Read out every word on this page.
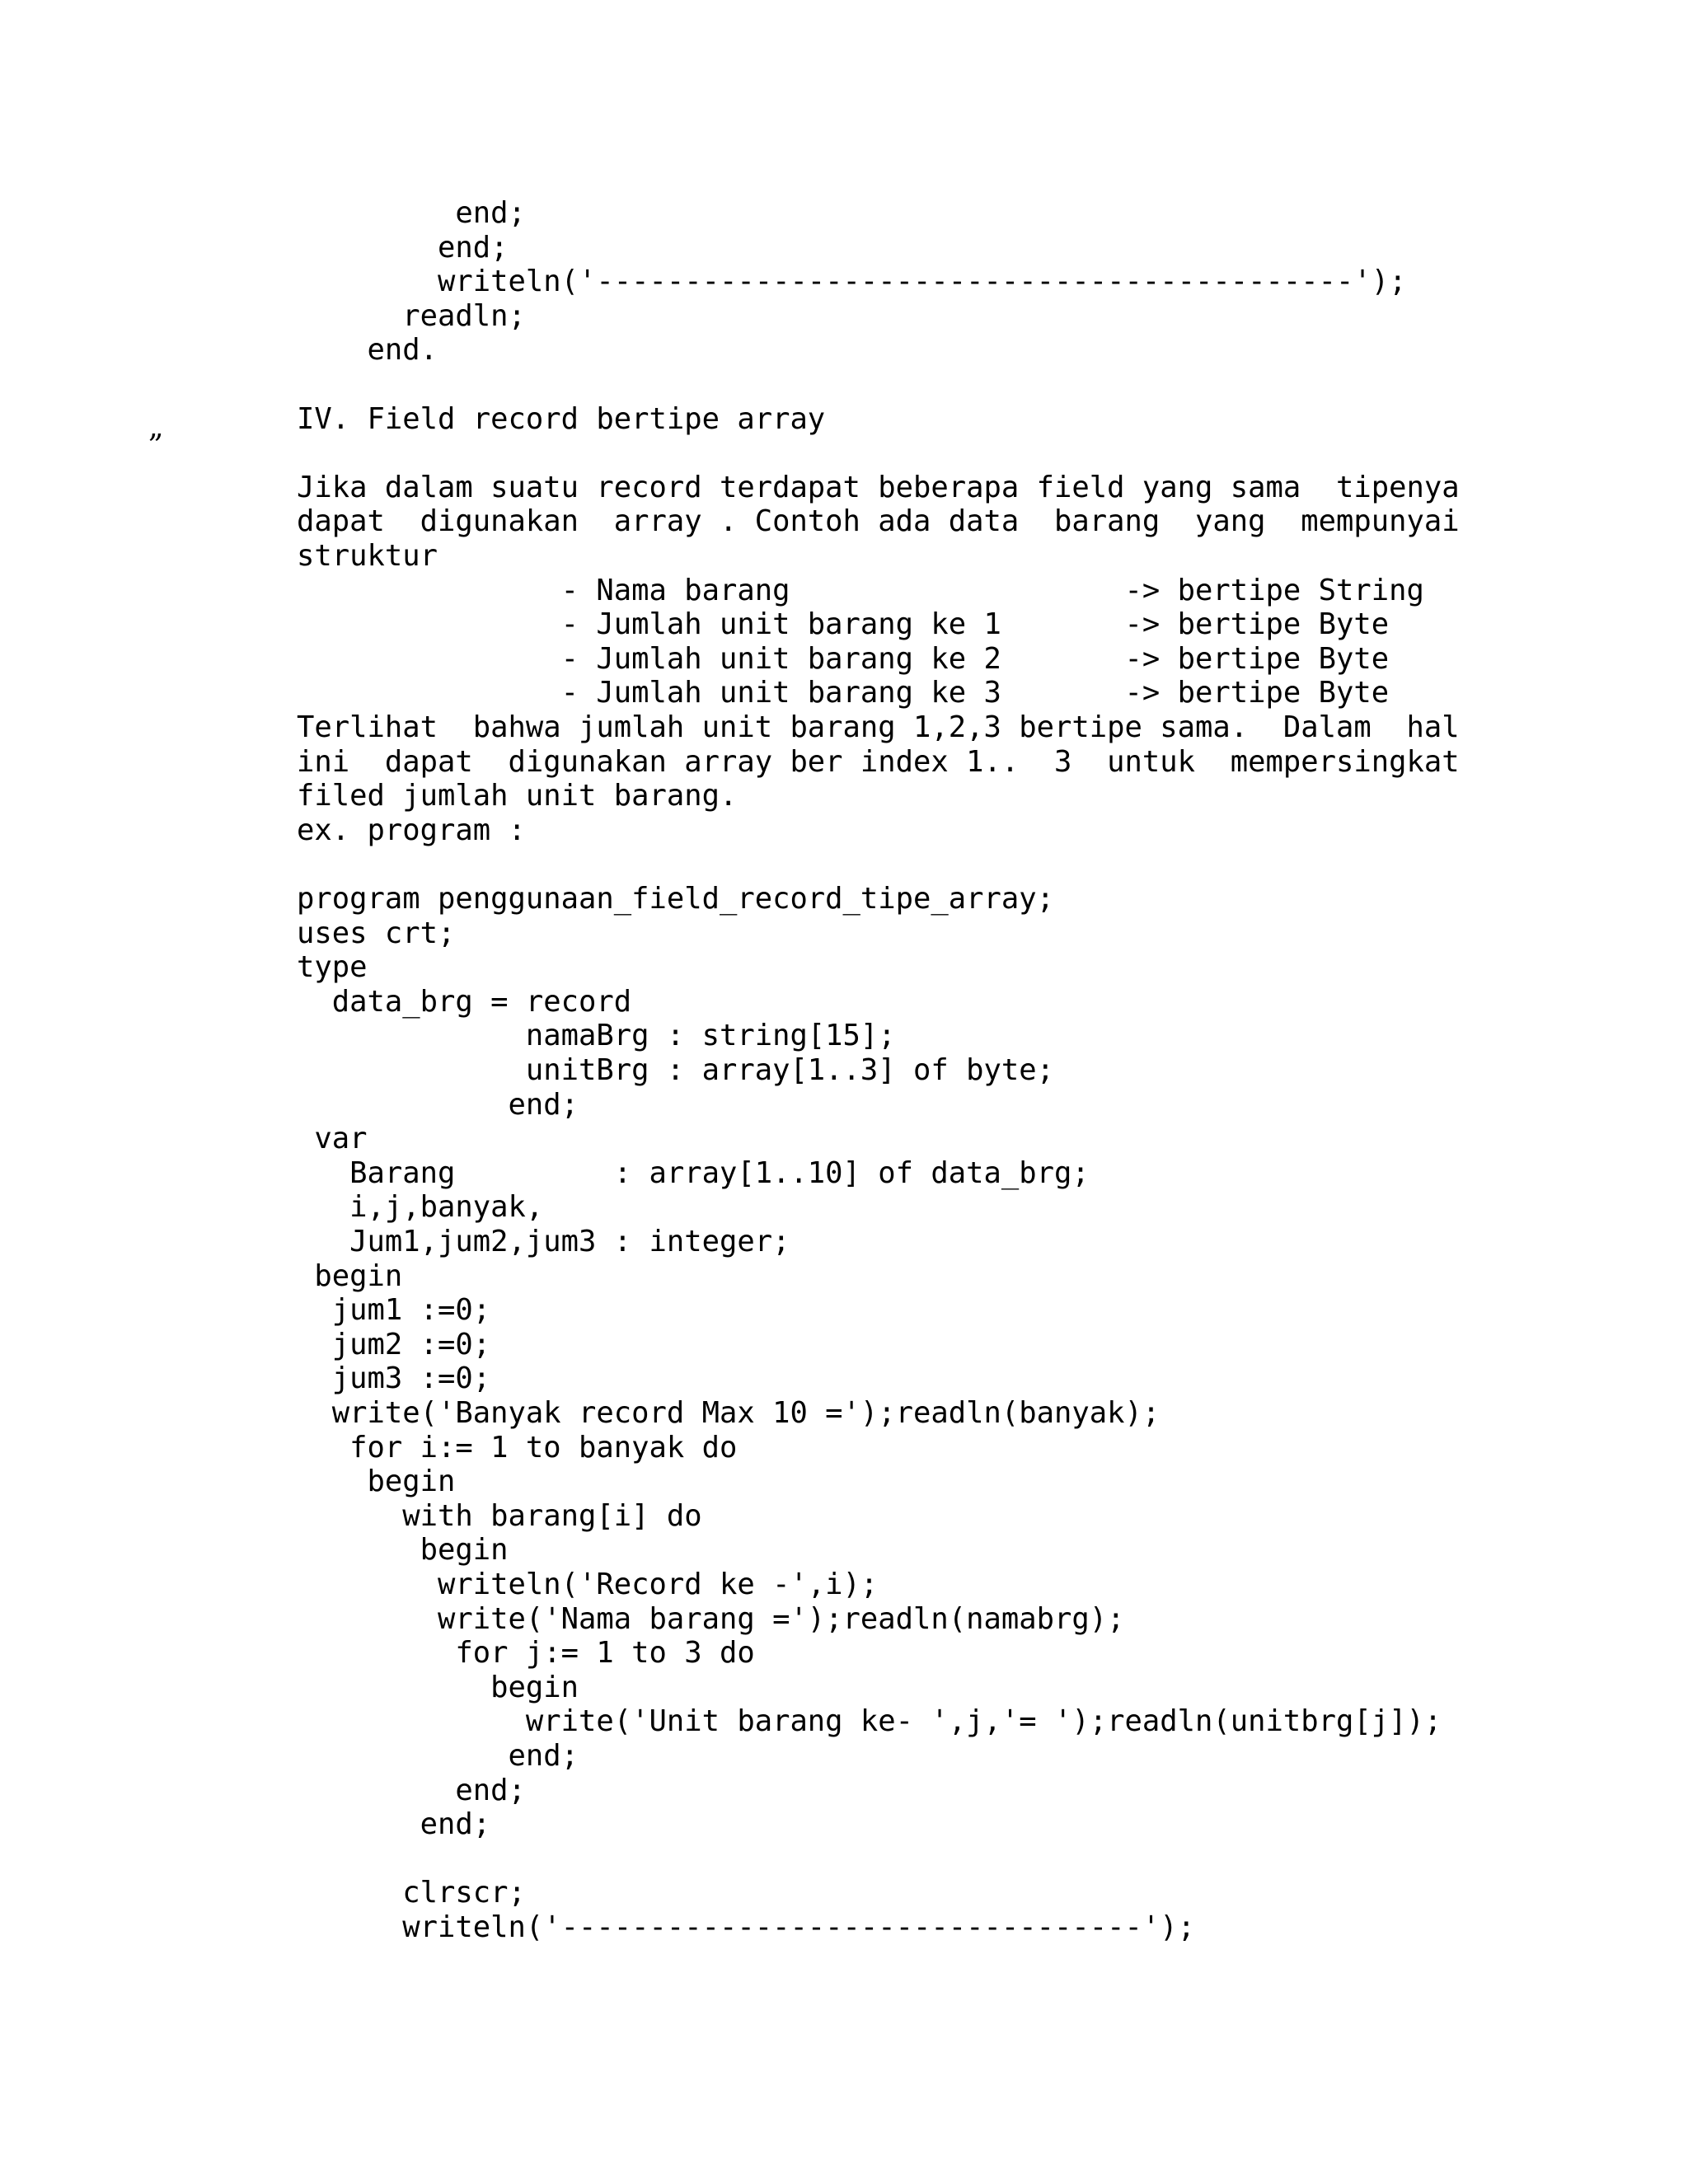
„
end;
end;
writeln('-------------------------------------------');
readln;
end.
IV. Field record bertipe array
Jika dalam suatu record terdapat beberapa field yang sama  tipenya
dapat  digunakan  array . Contoh ada data  barang  yang  mempunyai
struktur
- Nama barang                   -> bertipe String
- Jumlah unit barang ke 1       -> bertipe Byte
- Jumlah unit barang ke 2       -> bertipe Byte
- Jumlah unit barang ke 3       -> bertipe Byte
Terlihat  bahwa jumlah unit barang 1,2,3 bertipe sama.  Dalam  hal
ini  dapat  digunakan array ber index 1..  3  untuk  mempersingkat
filed jumlah unit barang.
ex. program :
program penggunaan_field_record_tipe_array;
uses crt;
type
data_brg = record
namaBrg : string[15];
unitBrg : array[1..3] of byte;
end;
var
Barang         : array[1..10] of data_brg;
i,j,banyak,
Jum1,jum2,jum3 : integer;
begin
jum1 :=0;
jum2 :=0;
jum3 :=0;
write('Banyak record Max 10 =');readln(banyak);
for i:= 1 to banyak do
begin
with barang[i] do
begin
writeln('Record ke -',i);
write('Nama barang =');readln(namabrg);
for j:= 1 to 3 do
begin
write('Unit barang ke- ',j,'= ');readln(unitbrg[j]);
end;
end;
end;
clrscr;
writeln('---------------------------------');
